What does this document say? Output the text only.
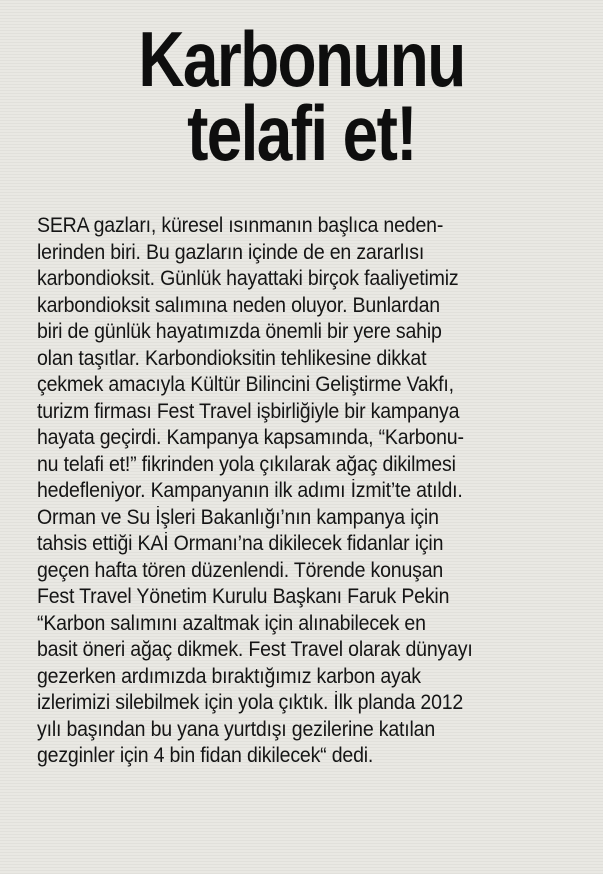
Karbonunu
telafi et!
SERA gazları, küresel ısınmanın başlıca neden-
lerinden biri. Bu gazların içinde de en zararlısı
karbondioksit. Günlük hayattaki birçok faaliyetimiz
karbondioksit salımına neden oluyor. Bunlardan
biri de günlük hayatımızda önemli bir yere sahip
olan taşıtlar. Karbondioksitin tehlikesine dikkat
çekmek amacıyla Kültür Bilincini Geliştirme Vakfı,
turizm firması Fest Travel işbirliğiyle bir kampanya
hayata geçirdi. Kampanya kapsamında, “Karbonu-
nu telafi et!” fikrinden yola çıkılarak ağaç dikilmesi
hedefleniyor. Kampanyanın ilk adımı İzmit’te atıldı.
Orman ve Su İşleri Bakanlığı’nın kampanya için
tahsis ettiği KAİ Ormanı’na dikilecek fidanlar için
geçen hafta tören düzenlendi. Törende konuşan
Fest Travel Yönetim Kurulu Başkanı Faruk Pekin
“Karbon salımını azaltmak için alınabilecek en
basit öneri ağaç dikmek. Fest Travel olarak dünyayı
gezerken ardımızda bıraktığımız karbon ayak
izlerimizi silebilmek için yola çıktık. İlk planda 2012
yılı başından bu yana yurtdışı gezilerine katılan
gezginler için 4 bin fidan dikilecek“ dedi.
